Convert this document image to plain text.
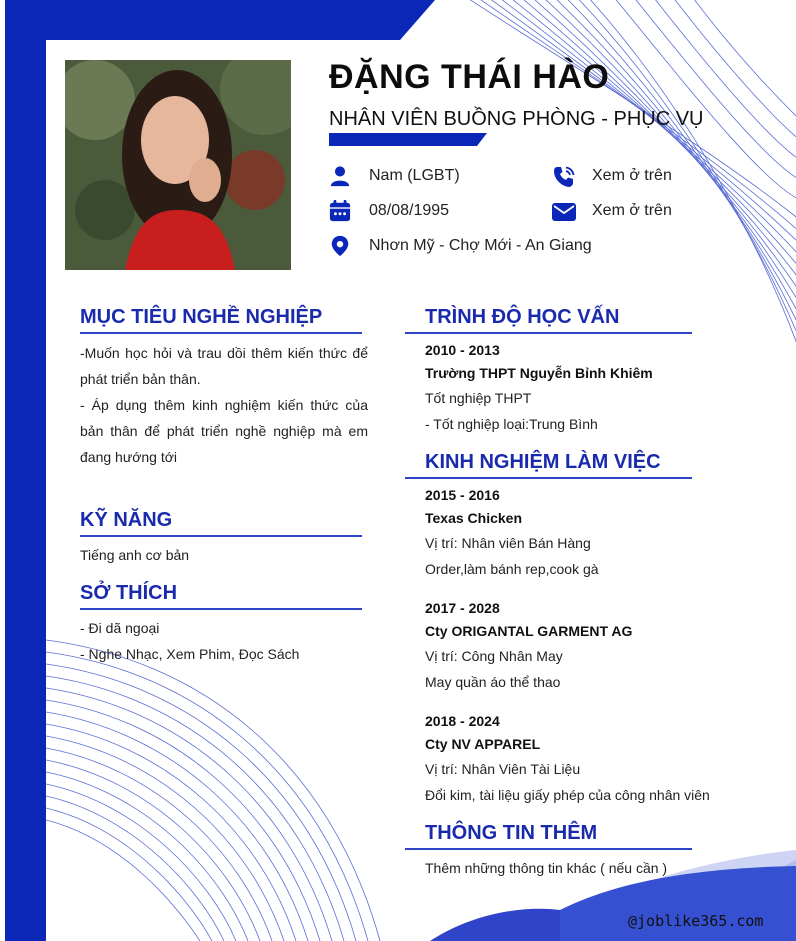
ĐẶNG THÁI HÀO
NHÂN VIÊN BUỒNG PHÒNG - PHỤC VỤ
Nam (LGBT)
08/08/1995
Nhơn Mỹ - Chợ Mới - An Giang
Xem ở trên
Xem ở trên
MỤC TIÊU NGHỀ NGHIỆP

-Muốn học hỏi và trau dồi thêm kiến thức để phát triển bản thân.

- Áp dụng thêm kinh nghiệm kiến thức của bản thân để phát triển nghề nghiệp mà em đang hướng tới

KỸ NĂNG
Tiếng anh cơ bản
SỞ THÍCH
- Đi dã ngoại
- Nghe Nhạc, Xem Phim, Đọc Sách
TRÌNH ĐỘ HỌC VẤN
2010 - 2013
Trường THPT Nguyễn Bỉnh Khiêm
Tốt nghiệp THPT
- Tốt nghiệp loại:Trung Bình
KINH NGHIỆM LÀM VIỆC
2015 - 2016
Texas Chicken
Vị trí: Nhân viên Bán Hàng
Order,làm bánh rep,cook gà
2017 - 2028
Cty ORIGANTAL GARMENT AG
Vị trí: Công Nhân May
May quần áo thể thao
2018 - 2024
Cty NV APPAREL
Vị trí: Nhân Viên Tài Liệu
Đổi kim, tài liệu giấy phép của công nhân viên
THÔNG TIN THÊM
Thêm những thông tin khác ( nếu cần )
@joblike365.com
